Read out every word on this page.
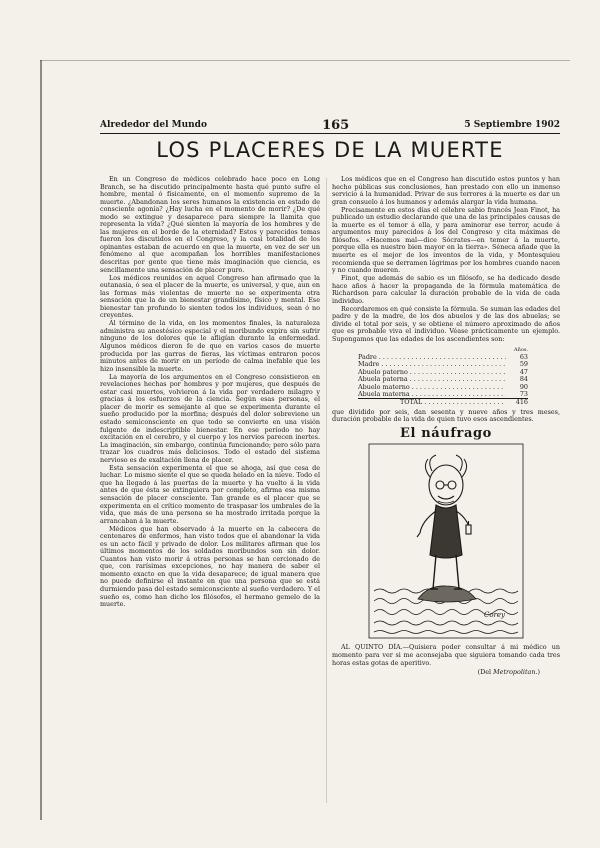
Alrededor del Mundo	165	5 Septiembre 1902
LOS PLACERES DE LA MUERTE

En un Congreso de médicos celebrado hace poco en Long Branch, se ha discutido principalmente hasta qué punto sufre el hombre, mental ó físicamente, en el momento supremo de la muerte. ¿Abandonan los seres humanos la existencia en estado de consciente agonía? ¿Hay lucha en el momento de morir? ¿De qué modo se extingue y desaparece para siempre la llamita que representa la vida? ¿Qué sienten la mayoría de los hombres y de las mujeres en el borde de la eternidad? Estos y parecidos temas fueron los discutidos en el Congreso, y la casi totalidad de los opinantes estaban de acuerdo en que la muerte, en vez de ser un fenómeno al que acompañan los horribles manifestaciones descritas por gente que tiene más imaginación que ciencia, es sencillamente una sensación de placer puro.

Los médicos reunidos en aquel Congreso han afirmado que la eutanasia, ó sea el placer de la muerte, es universal, y que, aun en las formas más violentas de muerte no se experimenta otra sensación que la de un bienestar grandísimo, físico y mental. Ese bienestar tan profundo lo sienten todos los individuos, sean ó no creyentes.

Al término de la vida, en los momentos finales, la naturaleza administra su anestésico especial y el moribundo expira sin sufrir ninguno de los dolores que le afligían durante la enfermedad. Algunos médicos dieron fe de que en varios casos de muerte producida por las garras de fieras, las víctimas entraron pocos minutos antes de morir en un período de calma inefable que les hizo insensible la muerte.

La mayoría de los argumentos en el Congreso consistieron en revelaciones hechas por hombres y por mujeres, que después de estar casi muertos, volvieron á la vida por verdadero milagro y gracias á los esfuerzos de la ciencia. Según esas personas, el placer de morir es semejante al que se experimenta durante el sueño producido por la morfina; después del dolor sobreviene un estado semiconsciente en que todo se convierte en una visión fulgente de indescriptible bienestar. En ese período no hay excitación en el cerebro, y el cuerpo y los nervios parecen inertes. La imaginación, sin embargo, continúa funcionando; pero sólo para trazar los cuadros más deliciosos. Todo el estado del sistema nervioso es de exaltación llena de placer.

Esta sensación experimenta el que se ahoga, así que cesa de luchar. Lo mismo siente el que se queda helado en la nieve. Todo el que ha llegado á las puertas de la muerte y ha vuelto á la vida antes de que ésta se extinguiera por completo, afirma esa misma sensación de placer consciente. Tan grande es el placer que se experimenta en el crítico momento de traspasar los umbrales de la vida, que más de una persona se ha mostrado irritada porque la arrancaban á la muerte.

Médicos que han observado á la muerte en la cabecera de centenares de enfermos, han visto todos que el abandonar la vida es un acto fácil y privado de dolor. Los militares afirman que los últimos momentos de los soldados moribundos son sin dolor. Cuantos han visto morir á otras personas se han cercionado de que, con rarísimas excepciones, no hay manera de saber el momento exacto en que la vida desaparece; de igual manera que no puede definirse el instante en que una persona que se está durmiendo pasa del estado semiconsciente al sueño verdadero. Y el sueño es, como han dicho los filósofos, el hermano gemelo de la muerte.

Los médicos que en el Congreso han discutido estos puntos y han hecho públicas sus conclusiones, han prestado con ello un inmenso servicio á la humanidad. Privar de sus terrores á la muerte es dar un gran consuelo á los humanos y además alargar la vida humana.

Precisamente en estos días el célebre sabio francés Jean Finot, ha publicado un estudio declarando que una de las principales causas de la muerte es el temor á ella, y para aminorar ese terror, acude á argumentos muy parecidos á los del Congreso y cita máximas de filósofos. «Hacemos mal—dice Sócrates—en temer á la muerte, porque ella es nuestro bien mayor en la tierra». Séneca añade que la muerte es el mejor de los inventos de la vida, y Montesquieu recomienda que se derramen lágrimas por los hombres cuando nacen y no cuando mueren.

Finot, que además de sabio es un filósofo, se ha dedicado desde hace años á hacer la propaganda de la fórmula matemática de Richardson para calcular la duración probable de la vida de cada individuo.

Recordaremos en qué consiste la fórmula. Se suman las edades del padre y de la madre, de los dos abuelos y de las dos abuelas; se divide el total por seis, y se obtiene el número aproximado de años que es probable viva el individuo. Véase prácticamente un ejemplo. Supongamos que las edades de los ascendientes son:

	Años.
Padre . . .	63
Madre . . .	59
Abuelo paterno . . .	47
Abuela paterna . . .	84
Abuelo materno . . .	90
Abuela materna . . .	73
TOTAL . . .	416

que dividido por seis, dan sesenta y nueve años y tres meses, duración probable de la vida de quien tuvo esos ascendientes.

El náufrago
Corey

AL QUINTO DÍA.—Quisiera poder consultar á mi médico un momento para ver si me aconsejaba que siguiera tomando cada tres horas estas gotas de aperitivo.

(Del Metropolitan.)
